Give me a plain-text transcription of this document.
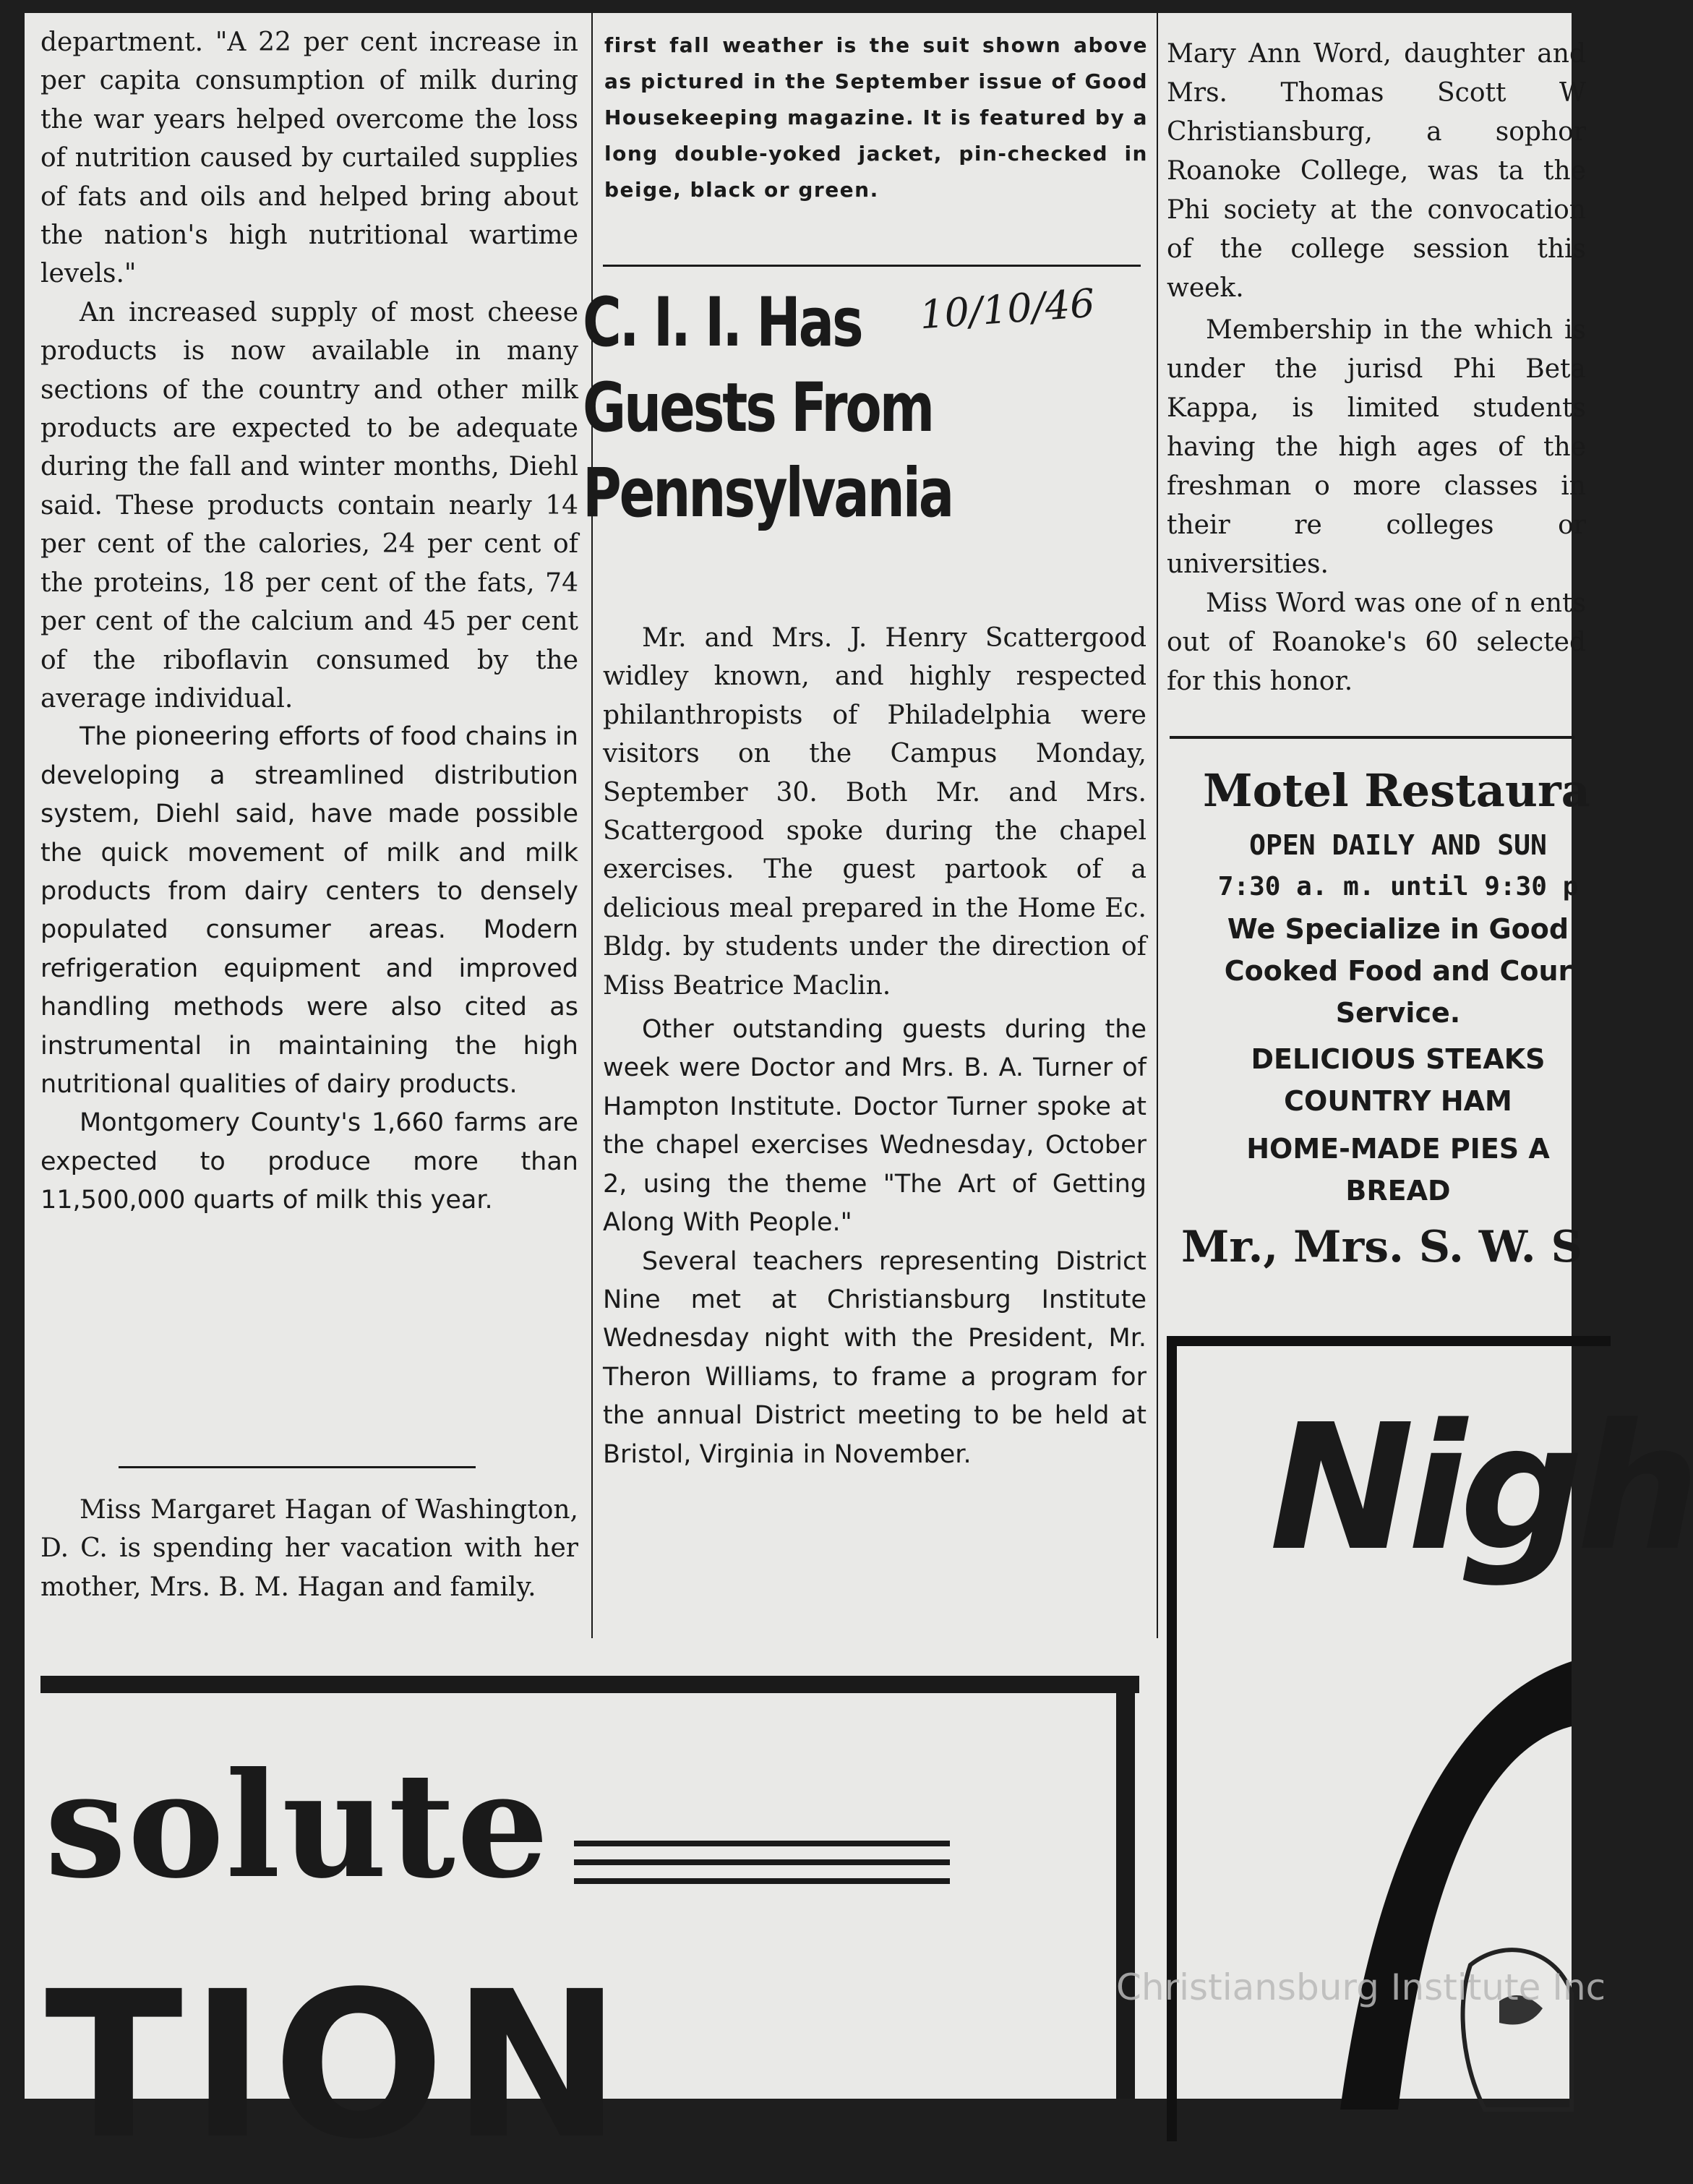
department. "A 22 per cent increase in per capita consumption of milk during the war years helped overcome the loss of nutrition caused by curtailed supplies of fats and oils and helped bring about the nation's high nutritional wartime levels."

An increased supply of most cheese products is now available in many sections of the country and other milk products are expected to be adequate during the fall and winter months, Diehl said. These products contain nearly 14 per cent of the calories, 24 per cent of the proteins, 18 per cent of the fats, 74 per cent of the calcium and 45 per cent of the riboflavin consumed by the average individual.

The pioneering efforts of food chains in developing a streamlined distribution system, Diehl said, have made possible the quick movement of milk and milk products from dairy centers to densely populated consumer areas. Modern refrigeration equipment and improved handling methods were also cited as instrumental in maintaining the high nutritional qualities of dairy products.

Montgomery County's 1,660 farms are expected to produce more than 11,500,000 quarts of milk this year.

Miss Margaret Hagan of Washington, D. C. is spending her vacation with her mother, Mrs. B. M. Hagan and family.

first fall weather is the suit shown above as pictured in the September issue of Good Housekeeping magazine. It is featured by a long double-yoked jacket, pin-checked in beige, black or green.
C. I. I. Has
Guests From
Pennsylvania
10/10/46

Mr. and Mrs. J. Henry Scattergood widley known, and highly respected philanthropists of Philadelphia were visitors on the Campus Monday, September 30. Both Mr. and Mrs. Scattergood spoke during the chapel exercises. The guest partook of a delicious meal prepared in the Home Ec. Bldg. by students under the direction of Miss Beatrice Maclin.

Other outstanding guests during the week were Doctor and Mrs. B. A. Turner of Hampton Institute. Doctor Turner spoke at the chapel exercises Wednesday, October 2, using the theme "The Art of Getting Along With People."

Several teachers representing District Nine met at Christiansburg Institute Wednesday night with the President, Mr. Theron Williams, to frame a program for the annual District meeting to be held at Bristol, Virginia in November.

Mary Ann Word, daughter and Mrs. Thomas Scott W Christiansburg, a sophor Roanoke College, was ta the Phi society at the convocation of the college session this week.

Membership in the which is under the jurisd Phi Beta Kappa, is limited students having the high ages of the freshman o more classes in their re colleges or universities.

Miss Word was one of n ents out of Roanoke's 60 selected for this honor.

Motel Restaura
OPEN DAILY AND SUN
7:30 a. m. until 9:30 p
We Specialize in Good
Cooked Food and Cour
Service.
DELICIOUS STEAKS
COUNTRY HAM
HOME-MADE PIES A
BREAD
Mr., Mrs. S. W. S
Nigh
solute
TION	Christiansburg Institute Inc
